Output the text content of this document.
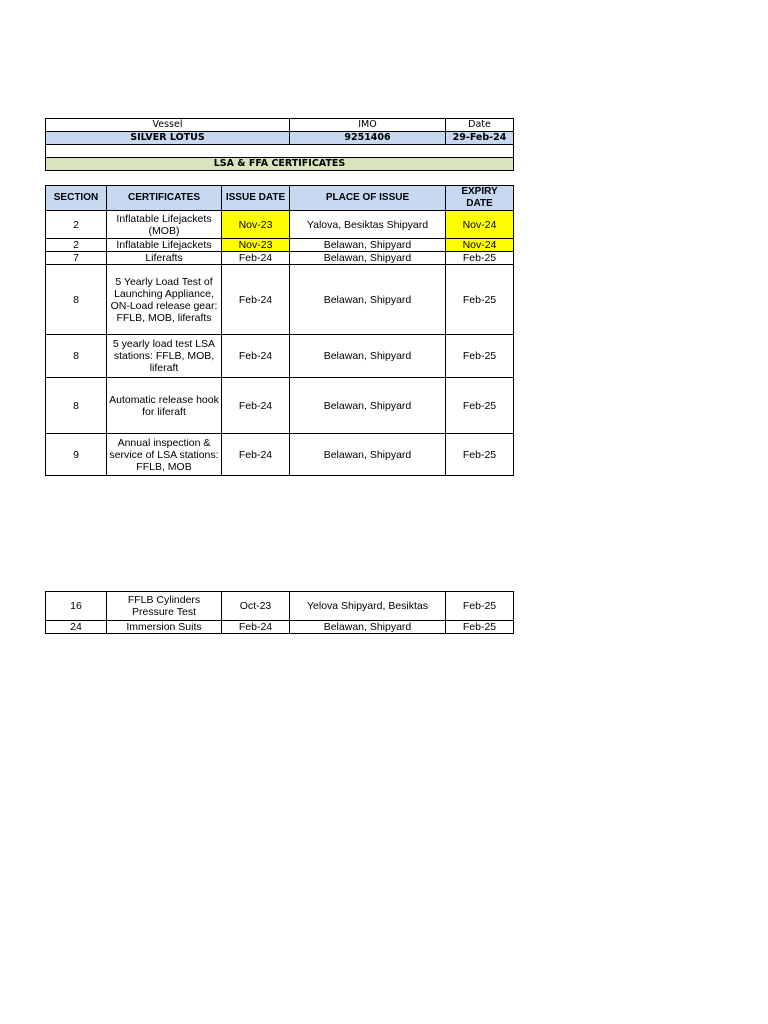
Vessel	IMO	Date
SILVER LOTUS	9251406	29-Feb-24

LSA & FFA CERTIFICATES		
SECTION	CERTIFICATES	ISSUE DATE	PLACE OF ISSUE	EXPIRY DATE
2	Inflatable Lifejackets (MOB)	Nov-23	Yalova, Besiktas Shipyard	Nov-24
2	Inflatable Lifejackets	Nov-23	Belawan, Shipyard	Nov-24
7	Liferafts	Feb-24	Belawan, Shipyard	Feb-25
8	5 Yearly Load Test of Launching Appliance, ON-Load release gear: FFLB, MOB, liferafts	Feb-24	Belawan, Shipyard	Feb-25
8	5 yearly load test LSA stations: FFLB, MOB, liferaft	Feb-24	Belawan, Shipyard	Feb-25
8	Automatic release hook for liferaft	Feb-24	Belawan, Shipyard	Feb-25
9	Annual inspection & service of LSA stations: FFLB, MOB	Feb-24	Belawan, Shipyard	Feb-25
16	FFLB Cylinders Pressure Test	Oct-23	Yelova Shipyard, Besiktas	Feb-25
24	Immersion Suits	Feb-24	Belawan, Shipyard	Feb-25
